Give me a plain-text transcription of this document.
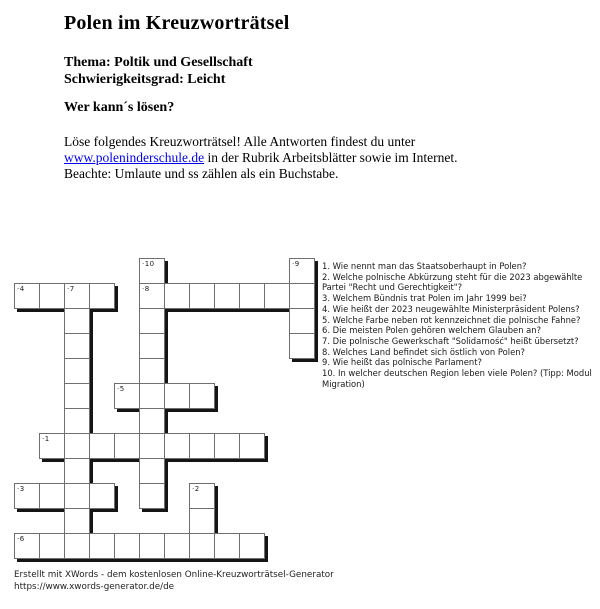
Polen im Kreuzworträtsel
Thema: Poltik und Gesellschaft
Schwierigkeitsgrad: Leicht
Wer kann´s lösen?
Löse folgendes Kreuzworträtsel! Alle Antworten findest du unter
www.poleninderschule.de in der Rubrik Arbeitsblätter sowie im Internet.
Beachte: Umlaute und ss zählen als ein Buchstabe.
·1
·2
·3
·4
·5
·6
·7	·8
·9
·10	1. Wie nennt man das Staatsoberhaupt in Polen?
2. Welche polnische Abkürzung steht für die 2023 abgewählte Partei "Recht und Gerechtigkeit"?
3. Welchem Bündnis trat Polen im Jahr 1999 bei?
4. Wie heißt der 2023 neugewählte Ministerpräsident Polens?
5. Welche Farbe neben rot kennzeichnet die polnische Fahne?
6. Die meisten Polen gehören welchem Glauben an?
7. Die polnische Gewerkschaft "Solidarność" heißt übersetzt?
8. Welches Land befindet sich östlich von Polen?
9. Wie heißt das polnische Parlament?
10. In welcher deutschen Region leben viele Polen? (Tipp: Modul Migration)
Erstellt mit XWords - dem kostenlosen Online-Kreuzworträtsel-Generator
https://www.xwords-generator.de/de
